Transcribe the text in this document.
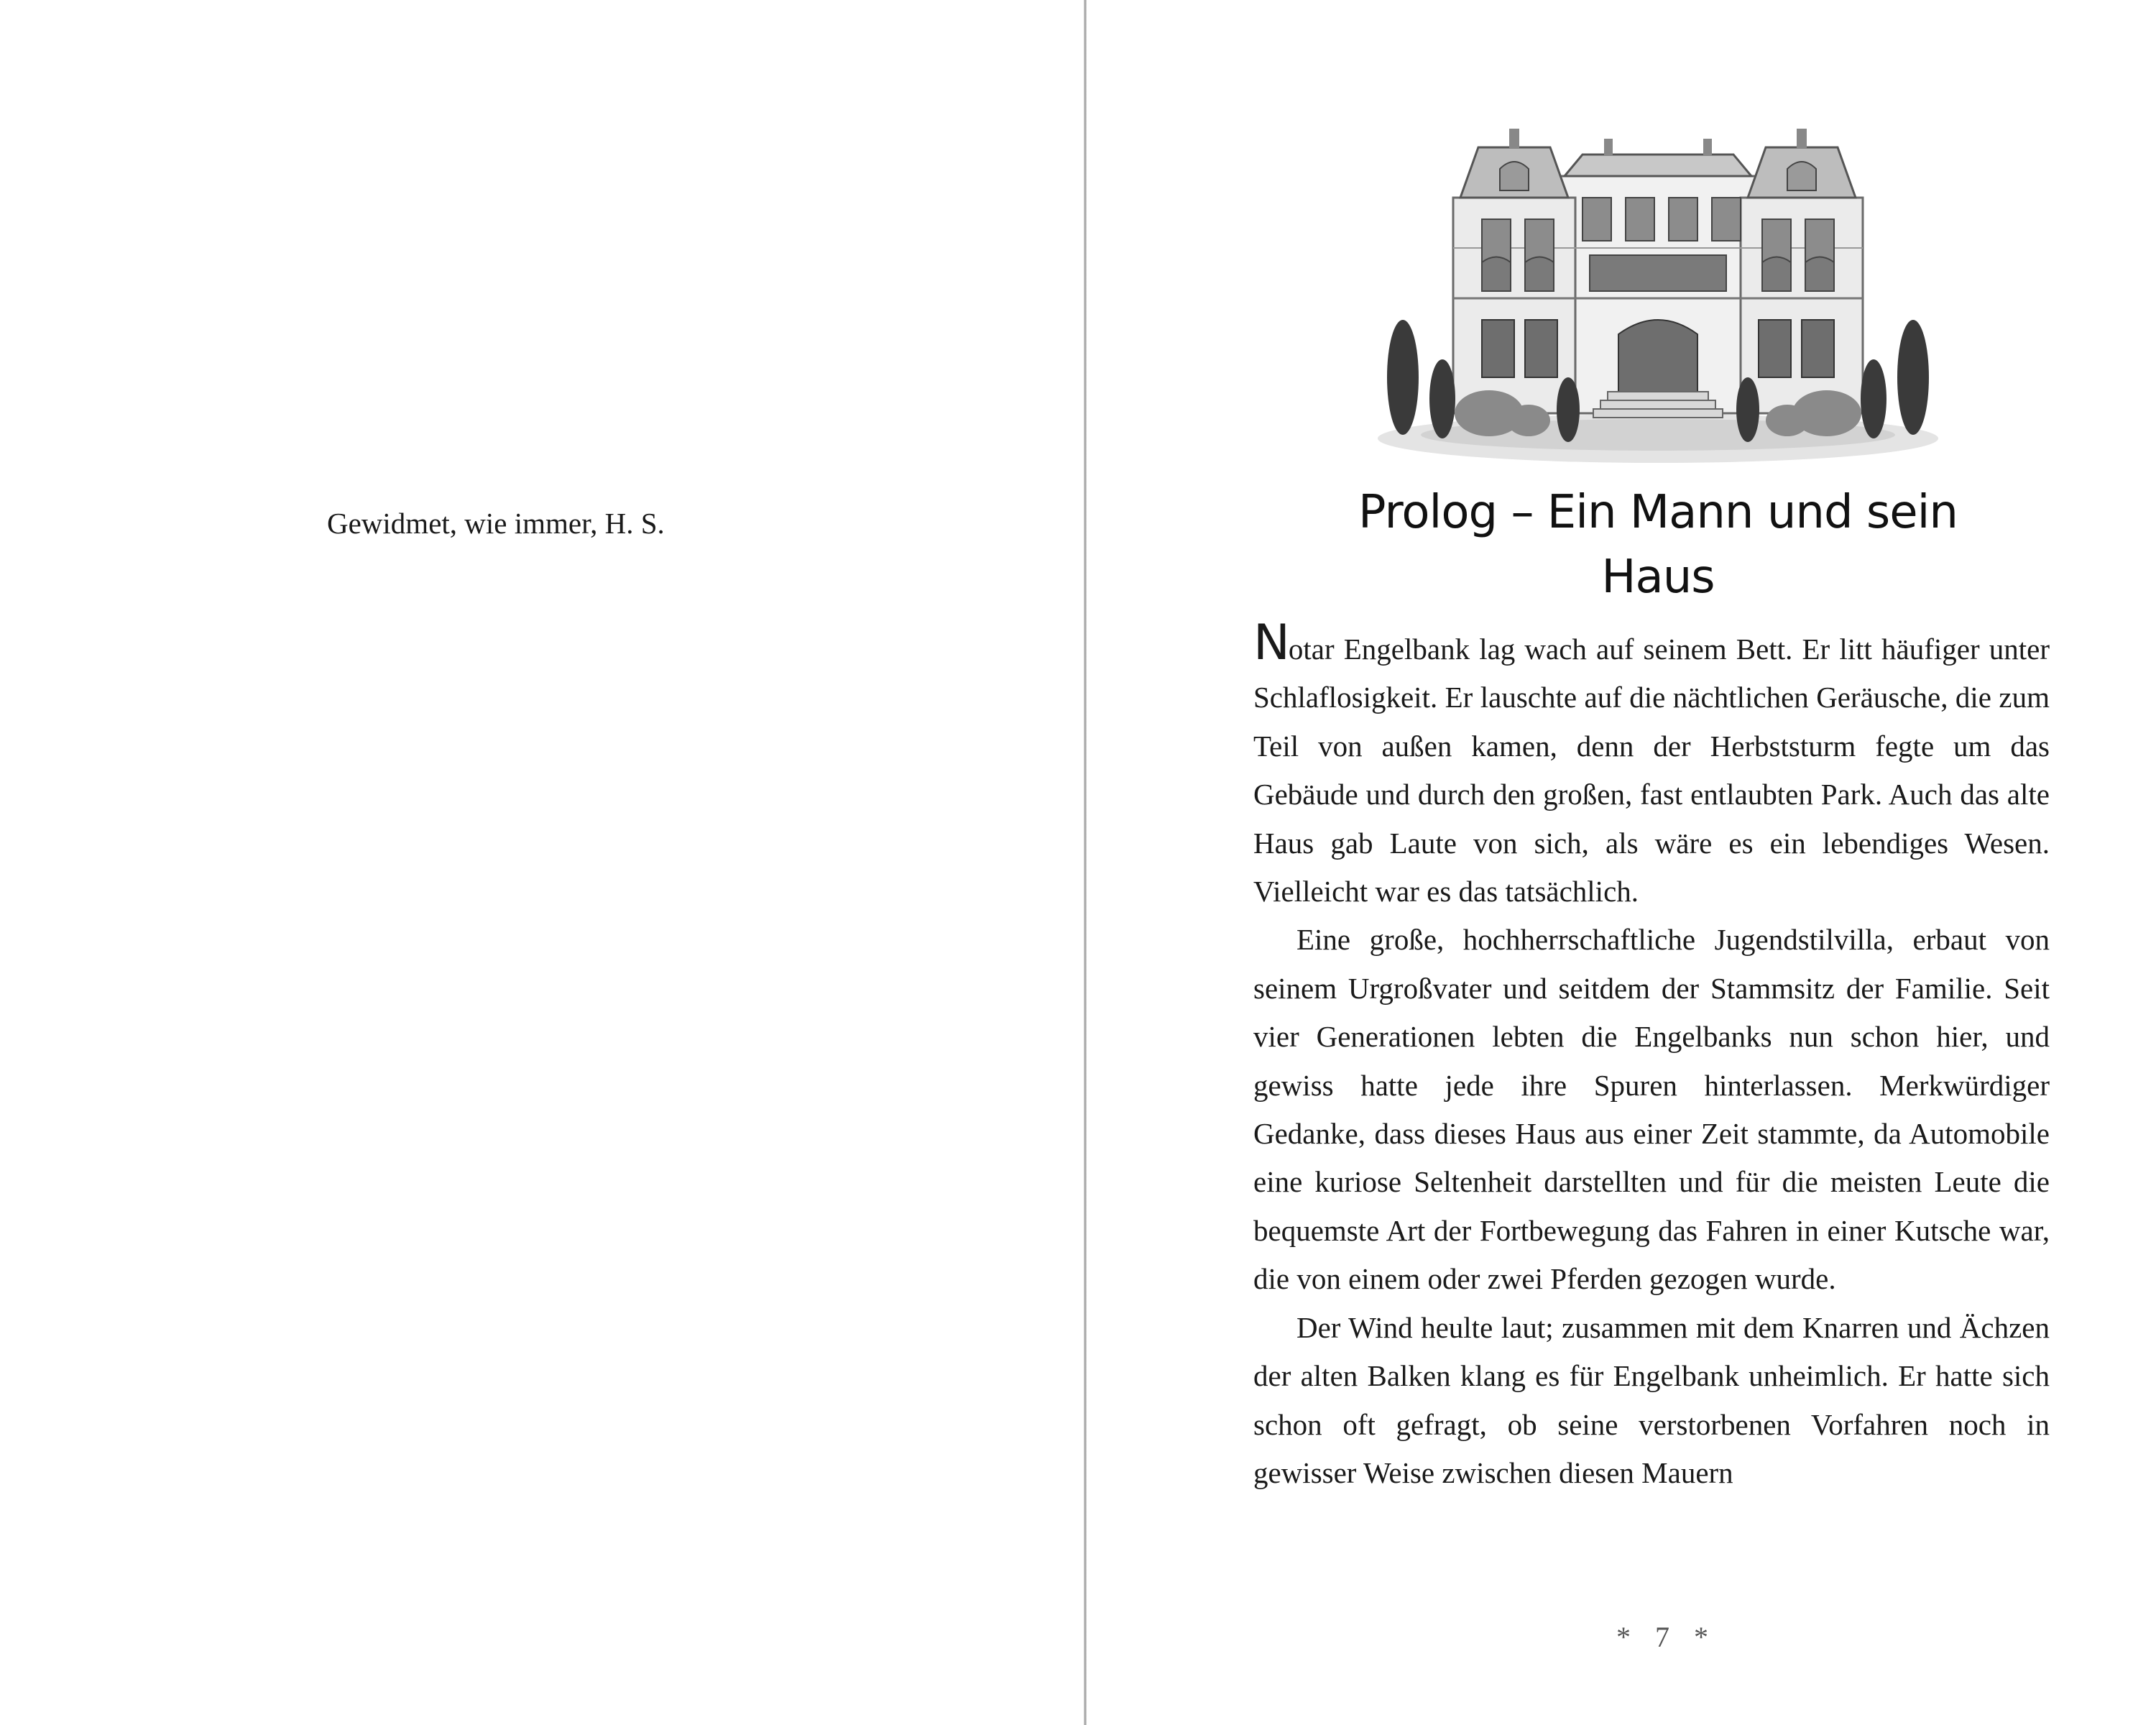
Gewidmet, wie immer, H. S.	Prolog – Ein Mann und sein Haus

Notar Engelbank lag wach auf seinem Bett. Er litt häufiger unter Schlaflosigkeit. Er lauschte auf die nächtlichen Geräusche, die zum Teil von außen kamen, denn der Herbststurm fegte um das Gebäude und durch den großen, fast entlaubten Park. Auch das alte Haus gab Laute von sich, als wäre es ein lebendiges Wesen. Vielleicht war es das tatsächlich.

Eine große, hochherrschaftliche Jugendstilvilla, erbaut von seinem Urgroßvater und seitdem der Stammsitz der Familie. Seit vier Generationen lebten die Engelbanks nun schon hier, und gewiss hatte jede ihre Spuren hinterlassen. Merkwürdiger Gedanke, dass dieses Haus aus einer Zeit stammte, da Automobile eine kuriose Seltenheit darstellten und für die meisten Leute die bequemste Art der Fortbewegung das Fahren in einer Kutsche war, die von einem oder zwei Pferden gezogen wurde.

Der Wind heulte laut; zusammen mit dem Knarren und Ächzen der alten Balken klang es für Engelbank unheimlich. Er hatte sich schon oft gefragt, ob seine verstorbenen Vorfahren noch in gewisser Weise zwischen diesen Mauern

* 7 *
